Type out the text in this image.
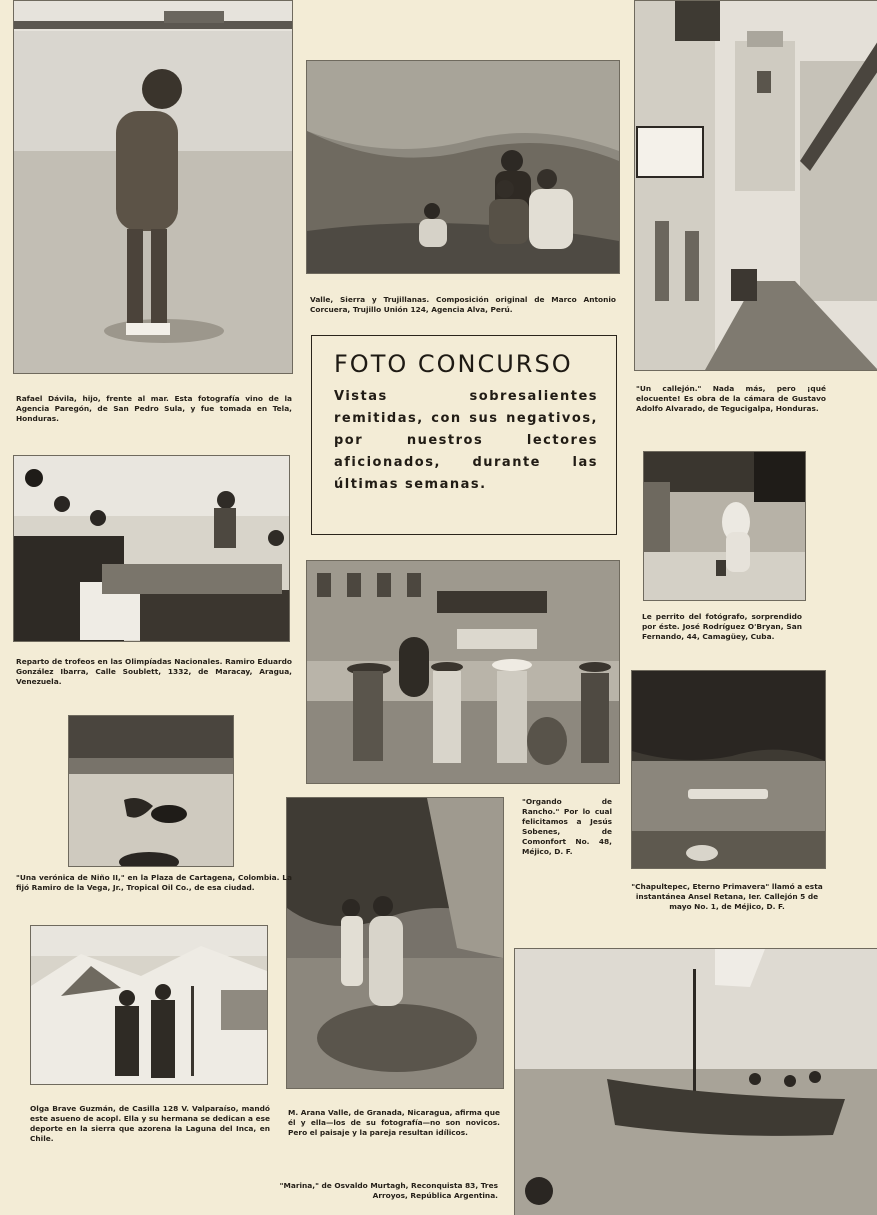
FOTO CONCURSO

Vistas sobresalientes remitidas, con sus negativos, por nuestros lectores aficionados, durante las últimas semanas.

Rafael Dávila, hijo, frente al mar. Esta fotografía vino de la Agencia Paregón, de San Pedro Sula, y fue tomada en Tela, Honduras.

Valle, Sierra y Trujillanas. Composición original de Marco Antonio Corcuera, Trujillo Unión 124, Agencia Alva, Perú.

"Un callejón." Nada más, pero ¡qué elocuente! Es obra de la cámara de Gustavo Adolfo Alvarado, de Tegucigalpa, Honduras.

Reparto de trofeos en las Olimpíadas Nacionales. Ramiro Eduardo González Ibarra, Calle Soublett, 1332, de Maracay, Aragua, Venezuela.

Le perrito del fotógrafo, sorprendido por éste. José Rodríguez O'Bryan, San Fernando, 44, Camagüey, Cuba.

"Una verónica de Niño II," en la Plaza de Cartagena, Colombia. La fijó Ramiro de la Vega, Jr., Tropical Oil Co., de esa ciudad.

"Orgando de Rancho." Por lo cual felicitamos a Jesús Sobenes, de Comonfort No. 48, Méjico, D. F.

"Chapultepec, Eterno Primavera" llamó a esta instantánea Ansel Retana, Ier. Callejón 5 de mayo No. 1, de Méjico, D. F.

Olga Brave Guzmán, de Casilla 128 V. Valparaíso, mandó este asueno de acopl. Ella y su hermana se dedican a ese deporte en la sierra que azorena la Laguna del Inca, en Chile.

M. Arana Valle, de Granada, Nicaragua, afirma que él y ella—los de su fotografía—no son novicos. Pero el paisaje y la pareja resultan idílicos.

"Marina," de Osvaldo Murtagh, Reconquista 83, Tres Arroyos, República Argentina.
